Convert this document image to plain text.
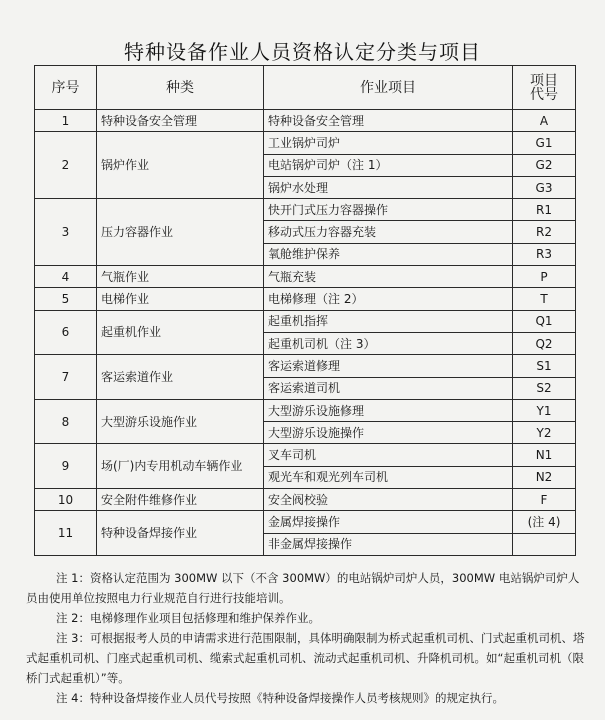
特种设备作业人员资格认定分类与项目
序号	种类	作业项目	项目
代号

1	特种设备安全管理	特种设备安全管理	A
2	锅炉作业	工业锅炉司炉	G1
		电站锅炉司炉（注 1）	G2
		锅炉水处理	G3
3	压力容器作业	快开门式压力容器操作	R1
		移动式压力容器充装	R2
		氧舱维护保养	R3
4	气瓶作业	气瓶充装	P
5	电梯作业	电梯修理（注 2）	T
6	起重机作业	起重机指挥	Q1
		起重机司机（注 3）	Q2
7	客运索道作业	客运索道修理	S1
		客运索道司机	S2
8	大型游乐设施作业	大型游乐设施修理	Y1
		大型游乐设施操作	Y2
9	场(厂)内专用机动车辆作业	叉车司机	N1
		观光车和观光列车司机	N2
10	安全附件维修作业	安全阀校验	F
11	特种设备焊接作业	金属焊接操作	(注 4)
		非金属焊接操作	

注 1：资格认定范围为 300MW 以下（不含 300MW）的电站锅炉司炉人员，300MW 电站锅炉司炉人员由使用单位按照电力行业规范自行进行技能培训。

注 2：电梯修理作业项目包括修理和维护保养作业。

注 3：可根据报考人员的申请需求进行范围限制，具体明确限制为桥式起重机司机、门式起重机司机、塔式起重机司机、门座式起重机司机、缆索式起重机司机、流动式起重机司机、升降机司机。如“起重机司机（限桥门式起重机）”等。

注 4：特种设备焊接作业人员代号按照《特种设备焊接操作人员考核规则》的规定执行。
